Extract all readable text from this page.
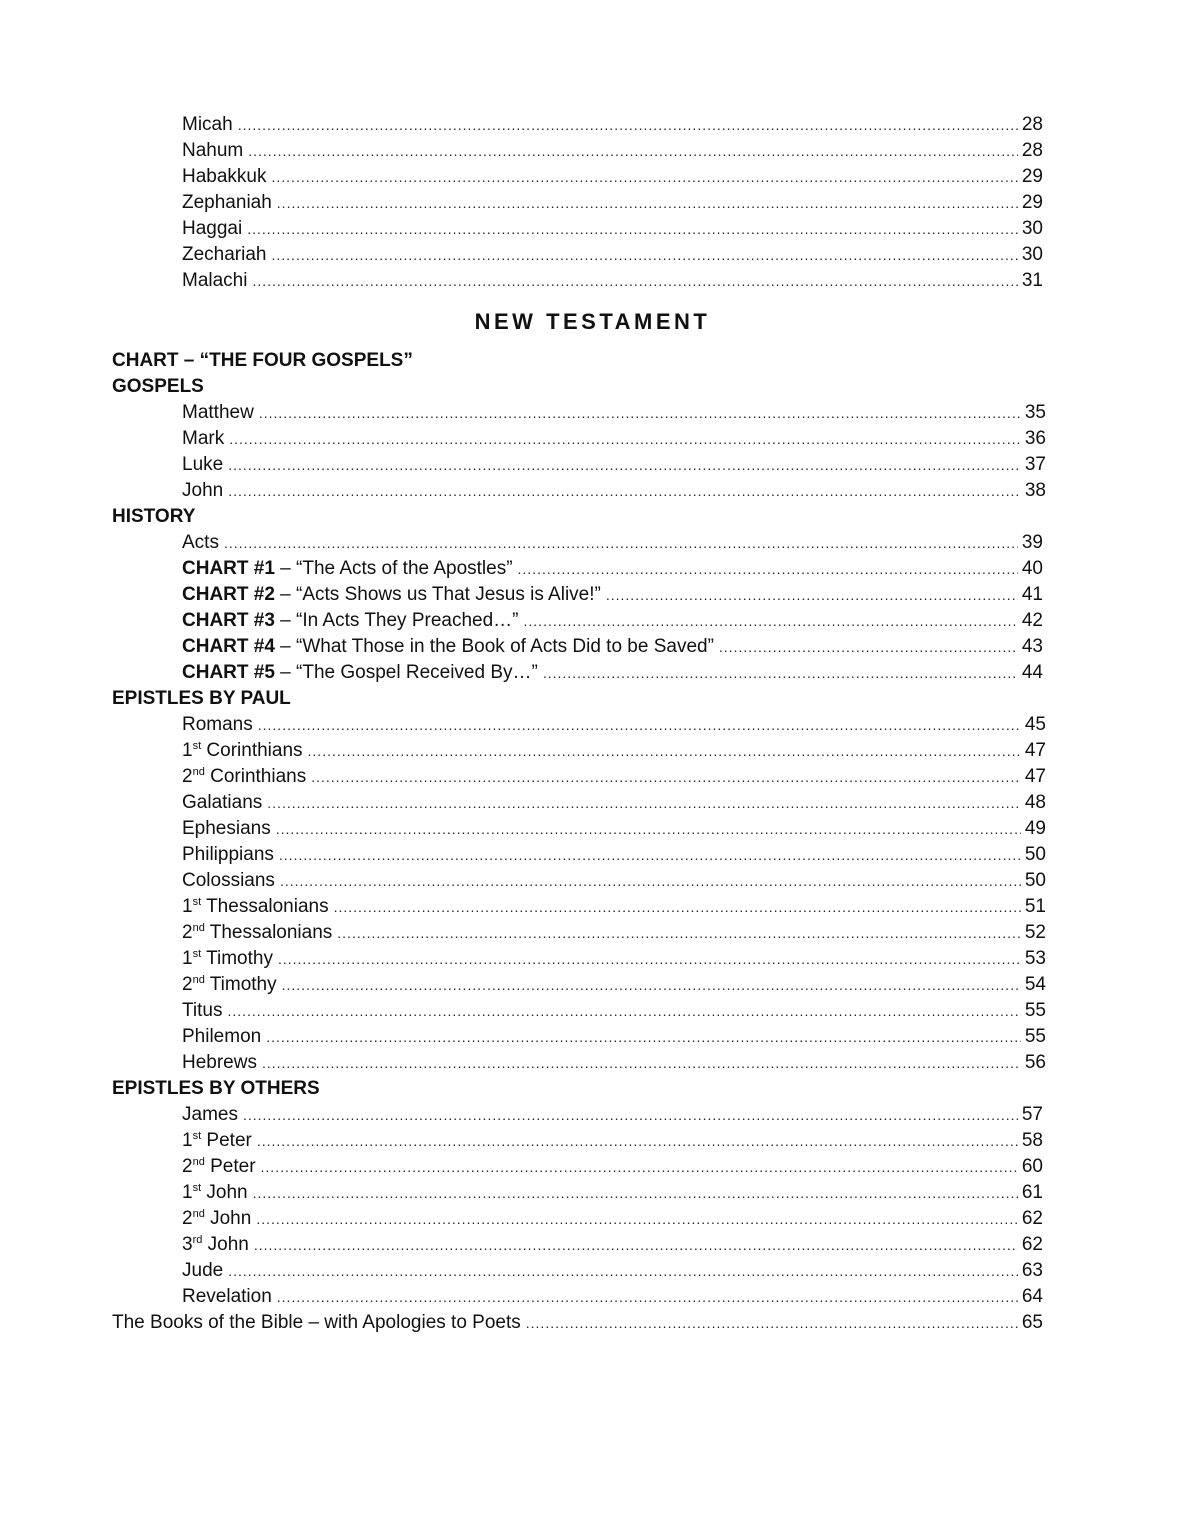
Micah .....	28
Nahum .....	28
Habakkuk .....	29
Zephaniah .....	29
Haggai .....	30
Zechariah .....	30
Malachi .....	31
NEW TESTAMENT
CHART – “THE FOUR GOSPELS”
GOSPELS
Matthew .....	35
Mark .....	36
Luke .....	37
John .....	38
HISTORY
Acts .....	39
CHART #1 – “The Acts of the Apostles” .....	40
CHART #2 – “Acts Shows us That Jesus is Alive!” .....	41
CHART #3 – “In Acts They Preached…” .....	42
CHART #4 – “What Those in the Book of Acts Did to be Saved” .....	43
CHART #5 – “The Gospel Received By…” .....	44
EPISTLES BY PAUL
Romans .....	45
1st Corinthians .....	47
2nd Corinthians .....	47
Galatians .....	48
Ephesians .....	49
Philippians .....	50
Colossians .....	50
1st Thessalonians .....	51
2nd Thessalonians .....	52
1st Timothy .....	53
2nd Timothy .....	54
Titus .....	55
Philemon .....	55
Hebrews .....	56
EPISTLES BY OTHERS
James .....	57
1st Peter .....	58
2nd Peter .....	60
1st John .....	61
2nd John .....	62
3rd John .....	62
Jude .....	63
Revelation .....	64
The Books of the Bible – with Apologies to Poets .....	65
